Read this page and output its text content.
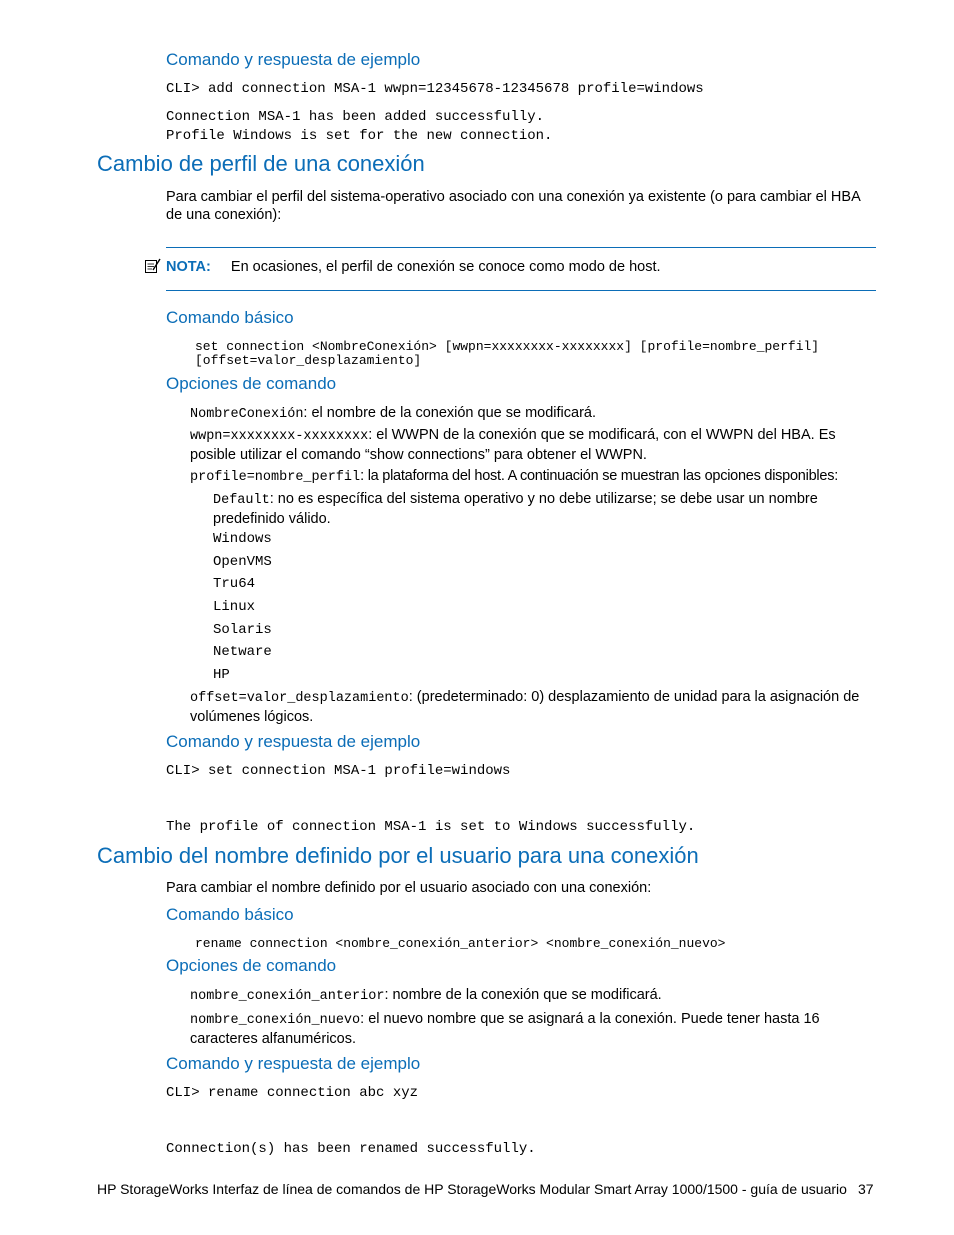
Comando y respuesta de ejemplo
CLI> add connection MSA-1 wwpn=12345678-12345678 profile=windows
Connection MSA-1 has been added successfully.
Profile Windows is set for the new connection.
Cambio de perfil de una conexión
Para cambiar el perfil del sistema-operativo asociado con una conexión ya existente (o para cambiar el HBA de una conexión):
NOTA: En ocasiones, el perfil de conexión se conoce como modo de host.
Comando básico
set connection <NombreConexión> [wwpn=xxxxxxxx-xxxxxxxx] [profile=nombre_perfil]
[offset=valor_desplazamiento]
Opciones de comando
NombreConexión: el nombre de la conexión que se modificará.
wwpn=xxxxxxxx-xxxxxxxx: el WWPN de la conexión que se modificará, con el WWPN del HBA. Es posible utilizar el comando “show connections” para obtener el WWPN.
profile=nombre_perfil: la plataforma del host. A continuación se muestran las opciones disponibles:
Default: no es específica del sistema operativo y no debe utilizarse; se debe usar un nombre predefinido válido.
Windows
OpenVMS
Tru64
Linux
Solaris
Netware
HP
offset=valor_desplazamiento: (predeterminado: 0) desplazamiento de unidad para la asignación de volúmenes lógicos.
Comando y respuesta de ejemplo
CLI> set connection MSA-1 profile=windows
The profile of connection MSA-1 is set to Windows successfully.
Cambio del nombre definido por el usuario para una conexión
Para cambiar el nombre definido por el usuario asociado con una conexión:
Comando básico
rename connection <nombre_conexión_anterior> <nombre_conexión_nuevo>
Opciones de comando
nombre_conexión_anterior: nombre de la conexión que se modificará.
nombre_conexión_nuevo: el nuevo nombre que se asignará a la conexión. Puede tener hasta 16 caracteres alfanuméricos.
Comando y respuesta de ejemplo
CLI> rename connection abc xyz
Connection(s) has been renamed successfully.
HP StorageWorks Interfaz de línea de comandos de HP StorageWorks Modular Smart Array 1000/1500 - guía de usuario 37
